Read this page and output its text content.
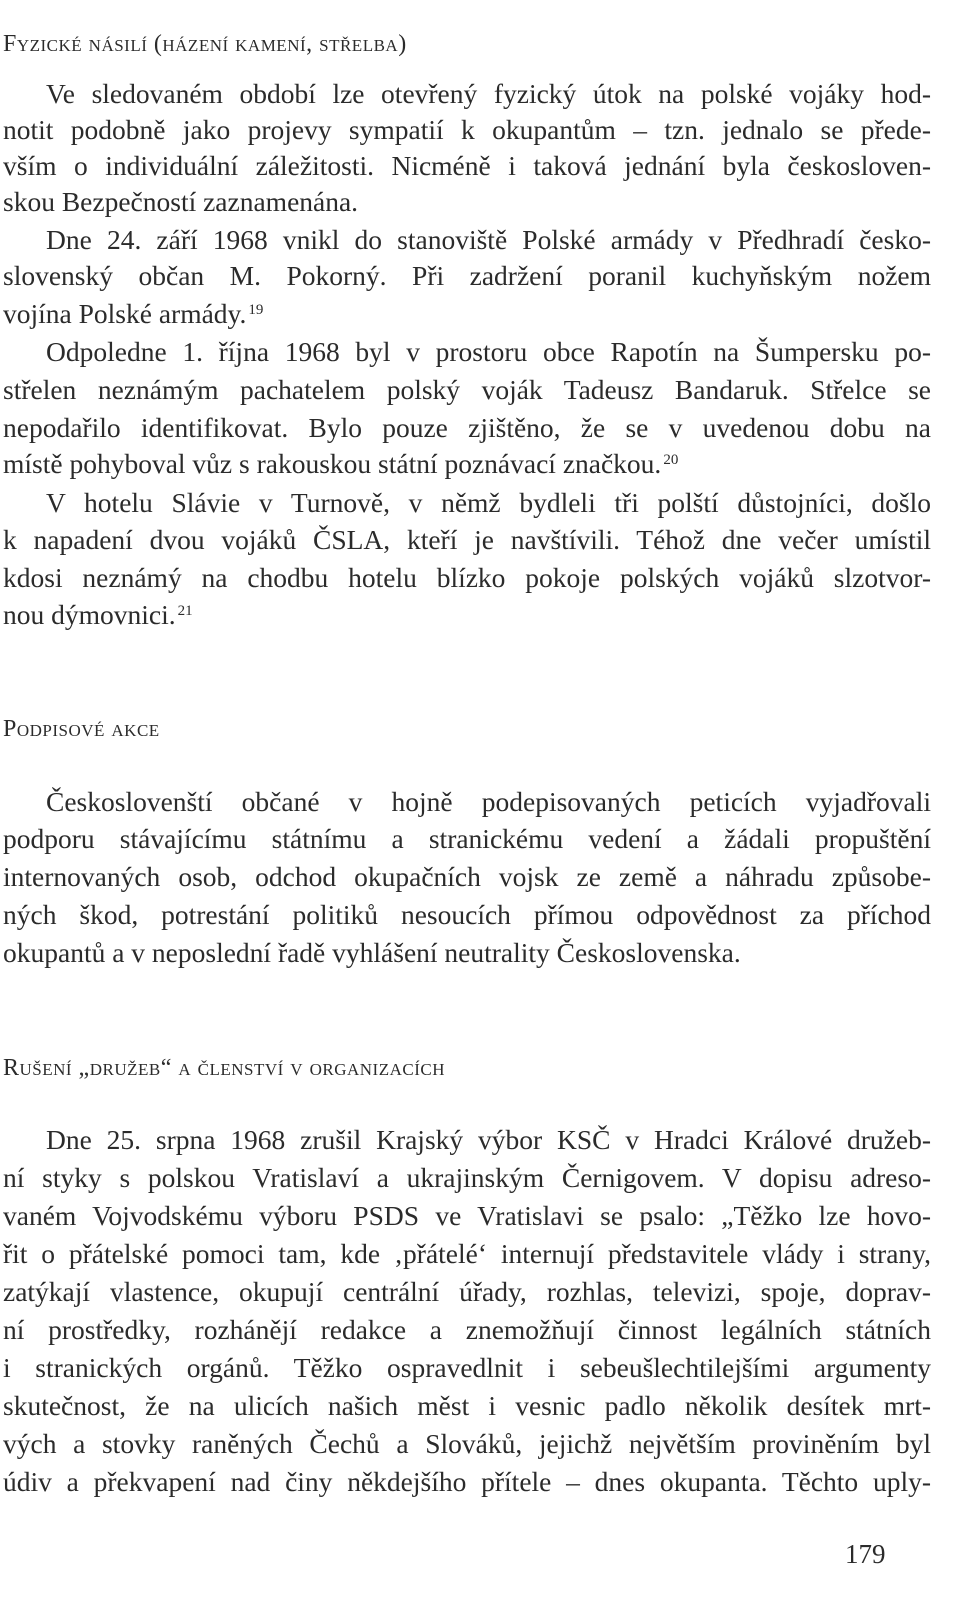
Fyzické násilí (házení kamení, střelba)
Ve sledovaném období lze otevřený fyzický útok na polské vojáky hod-
notit podobně jako projevy sympatií k okupantům – tzn. jednalo se přede-
vším o individuální záležitosti. Nicméně i taková jednání byla českosloven-
skou Bezpečností zaznamenána.
Dne 24. září 1968 vnikl do stanoviště Polské armády v Předhradí česko-
slovenský občan M. Pokorný. Při zadržení poranil kuchyňským nožem
vojína Polské armády. $^{19}$
Odpoledne 1. října 1968 byl v prostoru obce Rapotín na Šumpersku po-
střelen neznámým pachatelem polský voják Tadeusz Bandaruk. Střelce se
nepodařilo identifikovat. Bylo pouze zjištěno, že se v uvedenou dobu na
místě pohyboval vůz s rakouskou státní poznávací značkou. $^{20}$
V hotelu Slávie v Turnově, v němž bydleli tři polští důstojníci, došlo
k napadení dvou vojáků ČSLA, kteří je navštívili. Téhož dne večer umístil
kdosi neznámý na chodbu hotelu blízko pokoje polských vojáků slzotvor-
nou dýmovnici. $^{21}$
Podpisové akce
Českoslovenští občané v hojně podepisovaných peticích vyjadřovali
podporu stávajícímu státnímu a stranickému vedení a žádali propuštění
internovaných osob, odchod okupačních vojsk ze země a náhradu způsobe-
ných škod, potrestání politiků nesoucích přímou odpovědnost za příchod
okupantů a v neposlední řadě vyhlášení neutrality Československa.
Rušení „družeb“ a členství v organizacích
Dne 25. srpna 1968 zrušil Krajský výbor KSČ v Hradci Králové družeb-
ní styky s polskou Vratislaví a ukrajinským Černigovem. V dopisu adreso-
vaném Vojvodskému výboru PSDS ve Vratislavi se psalo: „Těžko lze hovo-
řit o přátelské pomoci tam, kde ‚přátelé‘ internují představitele vlády i strany,
zatýkají vlastence, okupují centrální úřady, rozhlas, televizi, spoje, doprav-
ní prostředky, rozhánějí redakce a znemožňují činnost legálních státních
i stranických orgánů. Těžko ospravedlnit i sebeušlechtilejšími argumenty
skutečnost, že na ulicích našich měst i vesnic padlo několik desítek mrt-
vých a stovky raněných Čechů a Slováků, jejichž největším proviněním byl
údiv a překvapení nad činy někdejšího přítele – dnes okupanta. Těchto uply-
179
